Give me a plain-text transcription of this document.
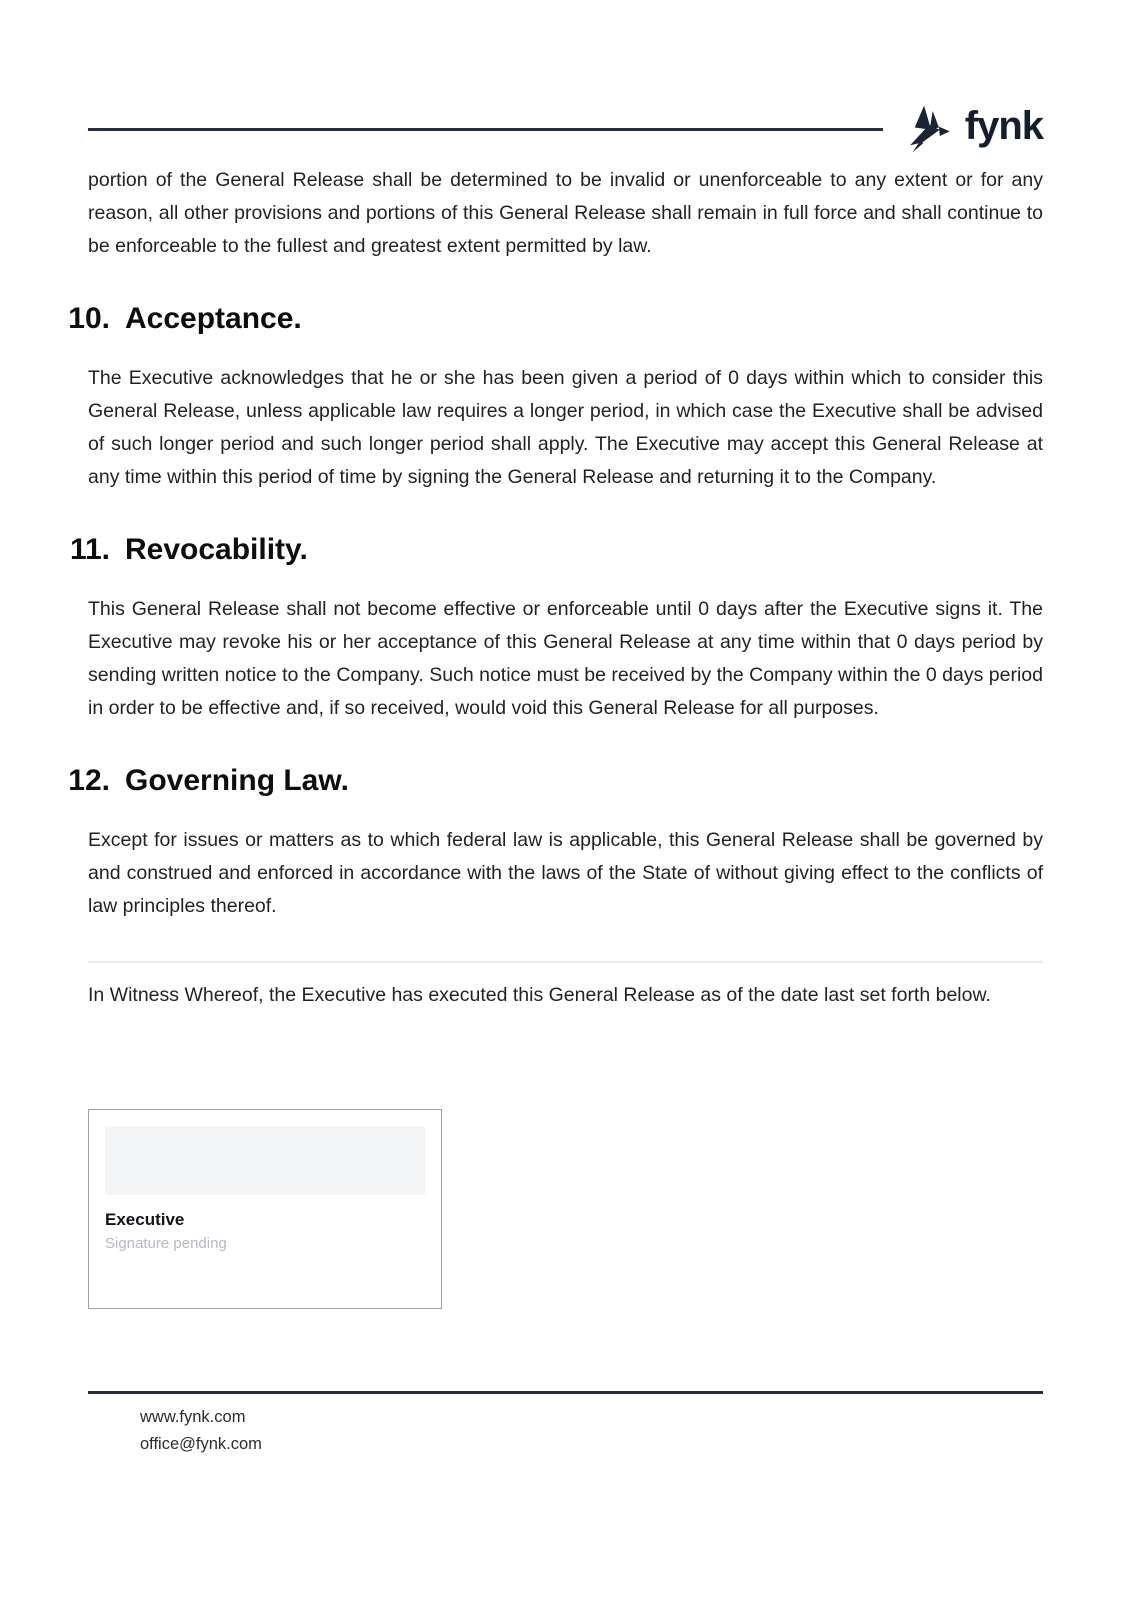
fynk

portion of the General Release shall be determined to be invalid or unenforceable to any extent or for any reason, all other provisions and portions of this General Release shall remain in full force and shall continue to be enforceable to the fullest and greatest extent permitted by law.

10. Acceptance.

The Executive acknowledges that he or she has been given a period of 0 days within which to consider this General Release, unless applicable law requires a longer period, in which case the Executive shall be advised of such longer period and such longer period shall apply. The Executive may accept this General Release at any time within this period of time by signing the General Release and returning it to the Company.

11. Revocability.

This General Release shall not become effective or enforceable until 0 days after the Executive signs it. The Executive may revoke his or her acceptance of this General Release at any time within that 0 days period by sending written notice to the Company. Such notice must be received by the Company within the 0 days period in order to be effective and, if so received, would void this General Release for all purposes.

12. Governing Law.

Except for issues or matters as to which federal law is applicable, this General Release shall be governed by and construed and enforced in accordance with the laws of the State of without giving effect to the conflicts of law principles thereof.

In Witness Whereof, the Executive has executed this General Release as of the date last set forth below.

Executive
Signature pending
www.fynk.com
office@fynk.com
